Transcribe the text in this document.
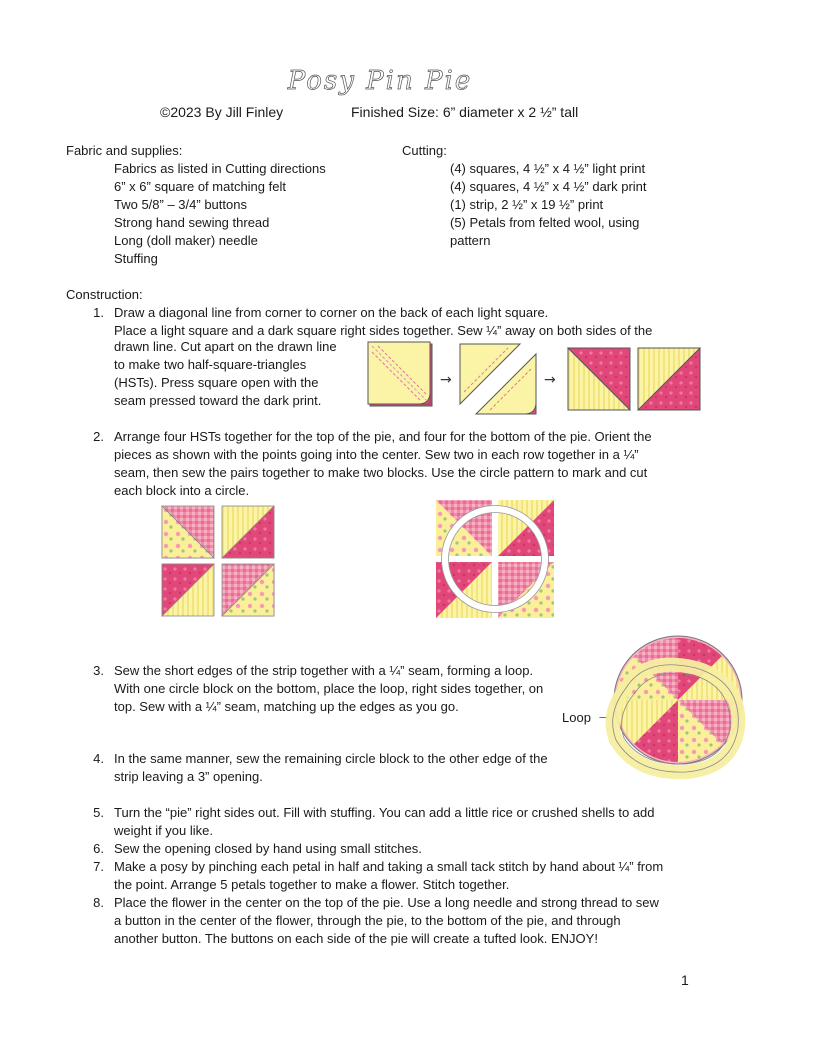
Posy Pin Pie
©2023 By Jill Finley	Finished Size: 6” diameter x 2 ½” tall
Fabric and supplies:
Fabrics as listed in Cutting directions
6” x 6” square of matching felt
Two 5/8” – 3/4” buttons
Strong hand sewing thread
Long (doll maker) needle
Stuffing
Cutting:
(4) squares, 4 ½” x 4 ½” light print
(4) squares, 4 ½” x 4 ½” dark print
(1) strip, 2 ½” x 19 ½” print
(5) Petals from felted wool, using
pattern
Construction:
1. Draw a diagonal line from corner to corner on the back of each light square.
Place a light square and a dark square right sides together. Sew ¼” away on both sides of the
drawn line. Cut apart on the drawn line
to make two half-square-triangles
(HSTs). Press square open with the
seam pressed toward the dark print.
→	→
2. Arrange four HSTs together for the top of the pie, and four for the bottom of the pie. Orient the
pieces as shown with the points going into the center. Sew two in each row together in a ¼”
seam, then sew the pairs together to make two blocks. Use the circle pattern to mark and cut
each block into a circle.
3. Sew the short edges of the strip together with a ¼” seam, forming a loop.
With one circle block on the bottom, place the loop, right sides together, on
top. Sew with a ¼” seam, matching up the edges as you go.
Loop →
4. In the same manner, sew the remaining circle block to the other edge of the
strip leaving a 3” opening.
5. Turn the “pie” right sides out. Fill with stuffing. You can add a little rice or crushed shells to add
weight if you like.
6. Sew the opening closed by hand using small stitches.
7. Make a posy by pinching each petal in half and taking a small tack stitch by hand about ¼” from
the point. Arrange 5 petals together to make a flower. Stitch together.
8. Place the flower in the center on the top of the pie. Use a long needle and strong thread to sew
a button in the center of the flower, through the pie, to the bottom of the pie, and through
another button. The buttons on each side of the pie will create a tufted look. ENJOY!
1
